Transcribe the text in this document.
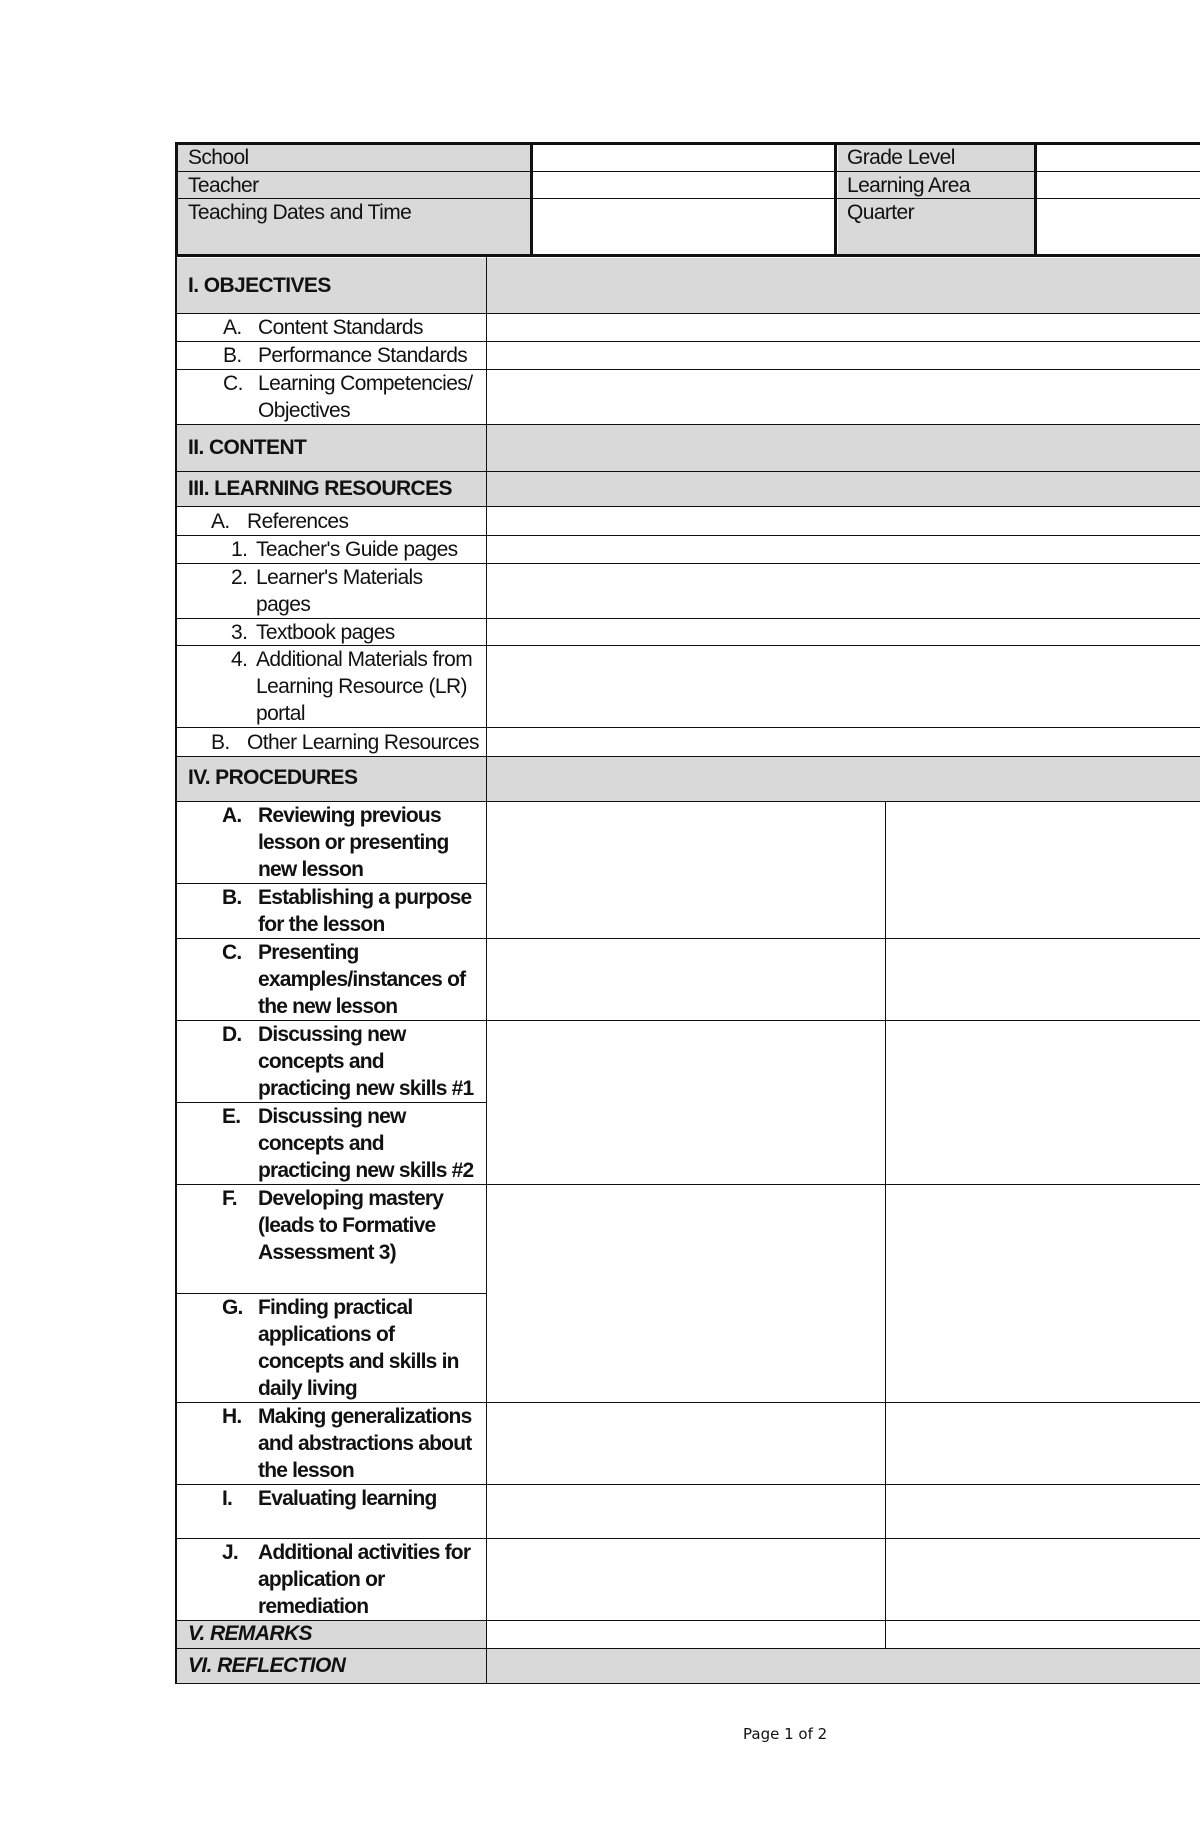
School
Teacher
Teaching Dates and Time
Grade Level
Learning Area
Quarter
I. OBJECTIVES
II. CONTENT
III. LEARNING RESOURCES
IV. PROCEDURES
V. REMARKS
VI. REFLECTION
A. Content Standards
B. Performance Standards
C. Learning Competencies/
Objectives
A. References
1. Teacher's Guide pages
2. Learner's Materials
pages
3. Textbook pages
4. Additional Materials from
Learning Resource (LR)
portal
B. Other Learning Resources
A. Reviewing previous
lesson or presenting
new lesson
B. Establishing a purpose
for the lesson
C. Presenting
examples/instances of
the new lesson
D. Discussing new
concepts and
practicing new skills #1
E. Discussing new
concepts and
practicing new skills #2
F. Developing mastery
(leads to Formative
Assessment 3)
G. Finding practical
applications of
concepts and skills in
daily living
H. Making generalizations
and abstractions about
the lesson
I. Evaluating learning
J. Additional activities for
application or
remediation
Page 1 of 2
